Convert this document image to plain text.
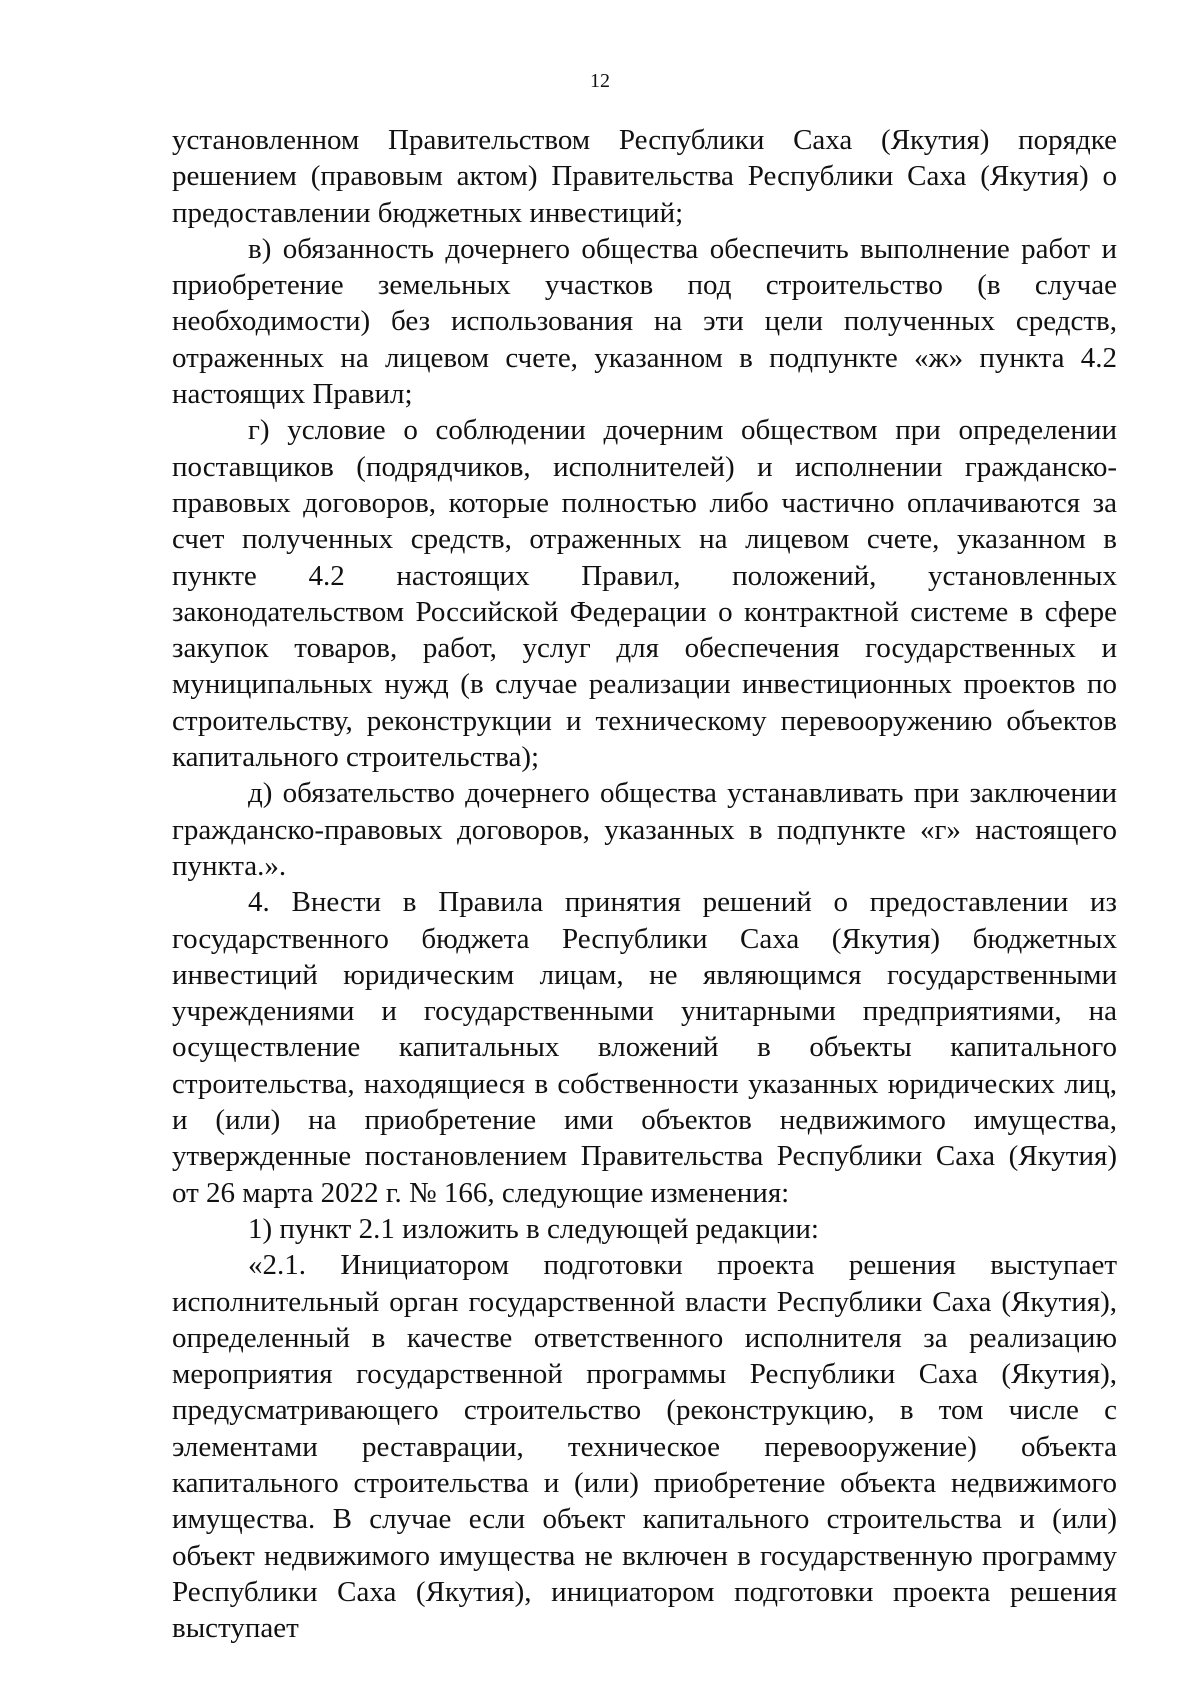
12

установленном Правительством Республики Саха (Якутия) порядке решением (правовым актом) Правительства Республики Саха (Якутия) о предоставлении бюджетных инвестиций;

в) обязанность дочернего общества обеспечить выполнение работ и приобретение земельных участков под строительство (в случае необходимости) без использования на эти цели полученных средств, отраженных на лицевом счете, указанном в подпункте «ж» пункта 4.2 настоящих Правил;

г) условие о соблюдении дочерним обществом при определении поставщиков (подрядчиков, исполнителей) и исполнении гражданско-правовых договоров, которые полностью либо частично оплачиваются за счет полученных средств, отраженных на лицевом счете, указанном в пункте 4.2 настоящих Правил, положений, установленных законодательством Российской Федерации о контрактной системе в сфере закупок товаров, работ, услуг для обеспечения государственных и муниципальных нужд (в случае реализации инвестиционных проектов по строительству, реконструкции и техническому перевооружению объектов капитального строительства);

д) обязательство дочернего общества устанавливать при заключении гражданско-правовых договоров, указанных в подпункте «г» настоящего пункта.».

4. Внести в Правила принятия решений о предоставлении из государственного бюджета Республики Саха (Якутия) бюджетных инвестиций юридическим лицам, не являющимся государственными учреждениями и государственными унитарными предприятиями, на осуществление капитальных вложений в объекты капитального строительства, находящиеся в собственности указанных юридических лиц, и (или) на приобретение ими объектов недвижимого имущества, утвержденные постановлением Правительства Республики Саха (Якутия) от 26 марта 2022 г. № 166, следующие изменения:

1) пункт 2.1 изложить в следующей редакции:

«2.1. Инициатором подготовки проекта решения выступает исполнительный орган государственной власти Республики Саха (Якутия), определенный в качестве ответственного исполнителя за реализацию мероприятия государственной программы Республики Саха (Якутия), предусматривающего строительство (реконструкцию, в том числе с элементами реставрации, техническое перевооружение) объекта капитального строительства и (или) приобретение объекта недвижимого имущества. В случае если объект капитального строительства и (или) объект недвижимого имущества не включен в государственную программу Республики Саха (Якутия), инициатором подготовки проекта решения выступает
